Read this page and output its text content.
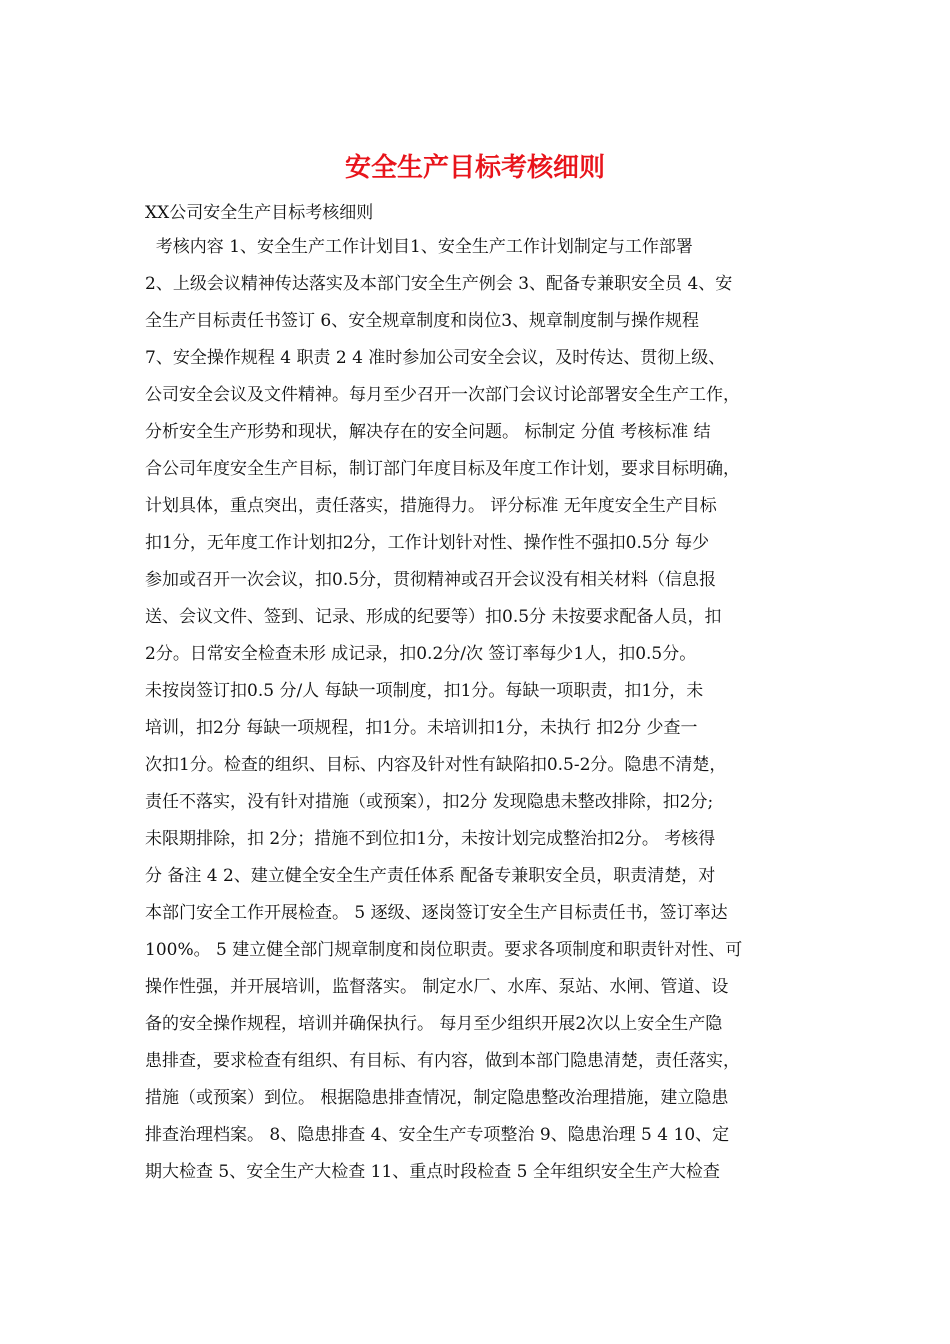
安全生产目标考核细则

XX公司安全生产目标考核细则

考核内容 1、安全生产工作计划目1、安全生产工作计划制定与工作部署
2、上级会议精神传达落实及本部门安全生产例会 3、配备专兼职安全员 4、安
全生产目标责任书签订 6、安全规章制度和岗位3、规章制度制与操作规程
7、安全操作规程 4 职责 2 4 准时参加公司安全会议，及时传达、贯彻上级、
公司安全会议及文件精神。每月至少召开一次部门会议讨论部署安全生产工作，
分析安全生产形势和现状，解决存在的安全问题。 标制定 分值 考核标准 结
合公司年度安全生产目标，制订部门年度目标及年度工作计划，要求目标明确，
计划具体，重点突出，责任落实，措施得力。 评分标准 无年度安全生产目标
扣1分，无年度工作计划扣2分，工作计划针对性、操作性不强扣0.5分 每少
参加或召开一次会议，扣0.5分，贯彻精神或召开会议没有相关材料（信息报
送、会议文件、签到、记录、形成的纪要等）扣0.5分 未按要求配备人员，扣
2分。日常安全检查未形 成记录，扣0.2分/次 签订率每少1人，扣0.5分。
未按岗签订扣0.5 分/人 每缺一项制度，扣1分。每缺一项职责，扣1分，未
培训，扣2分 每缺一项规程，扣1分。未培训扣1分，未执行 扣2分 少查一
次扣1分。检查的组织、目标、内容及针对性有缺陷扣0.5-2分。隐患不清楚，
责任不落实，没有针对措施（或预案），扣2分 发现隐患未整改排除，扣2分;
未限期排除，扣 2分；措施不到位扣1分，未按计划完成整治扣2分。 考核得
分 备注 4 2、建立健全安全生产责任体系 配备专兼职安全员，职责清楚，对
本部门安全工作开展检查。 5 逐级、逐岗签订安全生产目标责任书，签订率达
100%。 5 建立健全部门规章制度和岗位职责。要求各项制度和职责针对性、可
操作性强，并开展培训，监督落实。 制定水厂、水库、泵站、水闸、管道、设
备的安全操作规程，培训并确保执行。 每月至少组织开展2次以上安全生产隐
患排查，要求检查有组织、有目标、有内容，做到本部门隐患清楚，责任落实，
措施（或预案）到位。 根据隐患排查情况，制定隐患整改治理措施，建立隐患
排查治理档案。 8、隐患排查 4、安全生产专项整治 9、隐患治理 5 4 10、定
期大检查 5、安全生产大检查 11、重点时段检查 5 全年组织安全生产大检查
